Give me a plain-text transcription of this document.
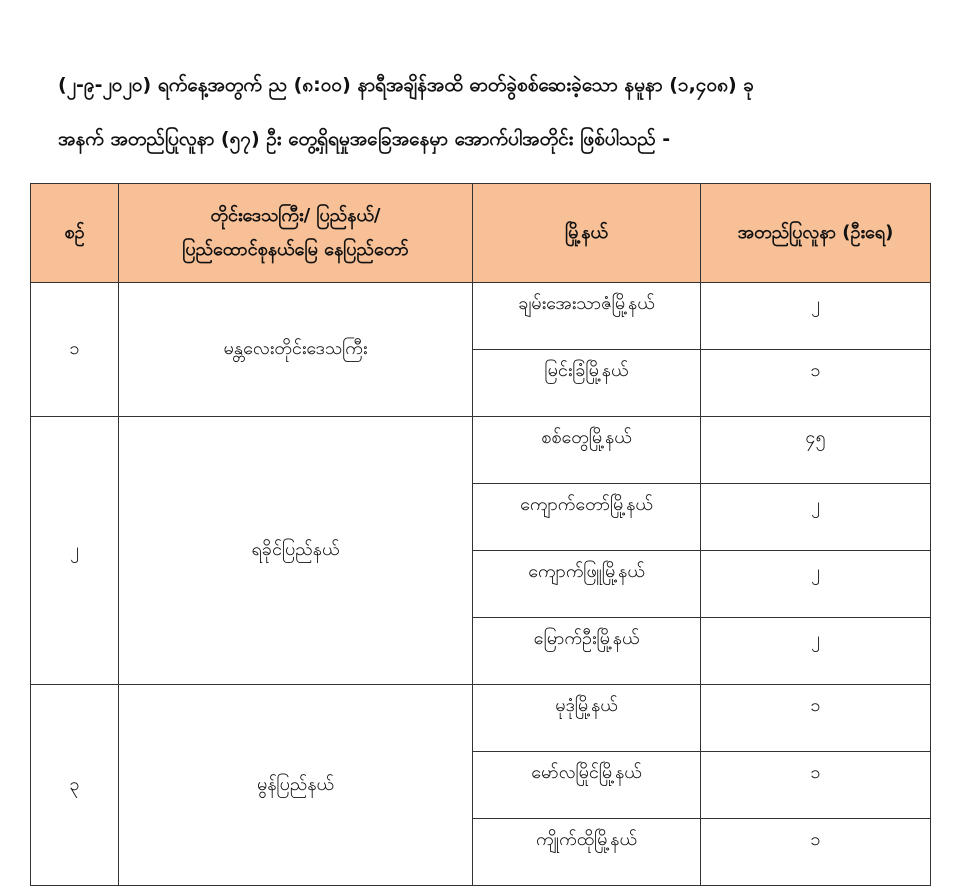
(၂-၉-၂၀၂၀) ရက်နေ့အတွက် ည (၈:၀၀) နာရီအချိန်အထိ ဓာတ်ခွဲစစ်ဆေးခဲ့သော နမူနာ (၁,၄၀၈) ခု

အနက် အတည်ပြုလူနာ (၅၇) ဦး တွေ့ရှိရမှုအခြေအနေမှာ အောက်ပါအတိုင်း ဖြစ်ပါသည် -

စဉ်	တိုင်းဒေသကြီး/ ပြည်နယ်/
ပြည်ထောင်စုနယ်မြေ နေပြည်တော်	မြို့နယ်	အတည်ပြုလူနာ (ဦးရေ)
၁	မန္တလေးတိုင်းဒေသကြီး	ချမ်းအေးသာဇံမြို့နယ်	၂
		မြင်းခြံမြို့နယ်	၁
၂	ရခိုင်ပြည်နယ်	စစ်တွေမြို့နယ်	၄၅
		ကျောက်တော်မြို့နယ်	၂
		ကျောက်ဖြူမြို့နယ်	၂
		မြောက်ဦးမြို့နယ်	၂
၃	မွန်ပြည်နယ်	မုဒုံမြို့နယ်	၁
		မော်လမြိုင်မြို့နယ်	၁
		ကျိုက်ထိုမြို့နယ်	၁
